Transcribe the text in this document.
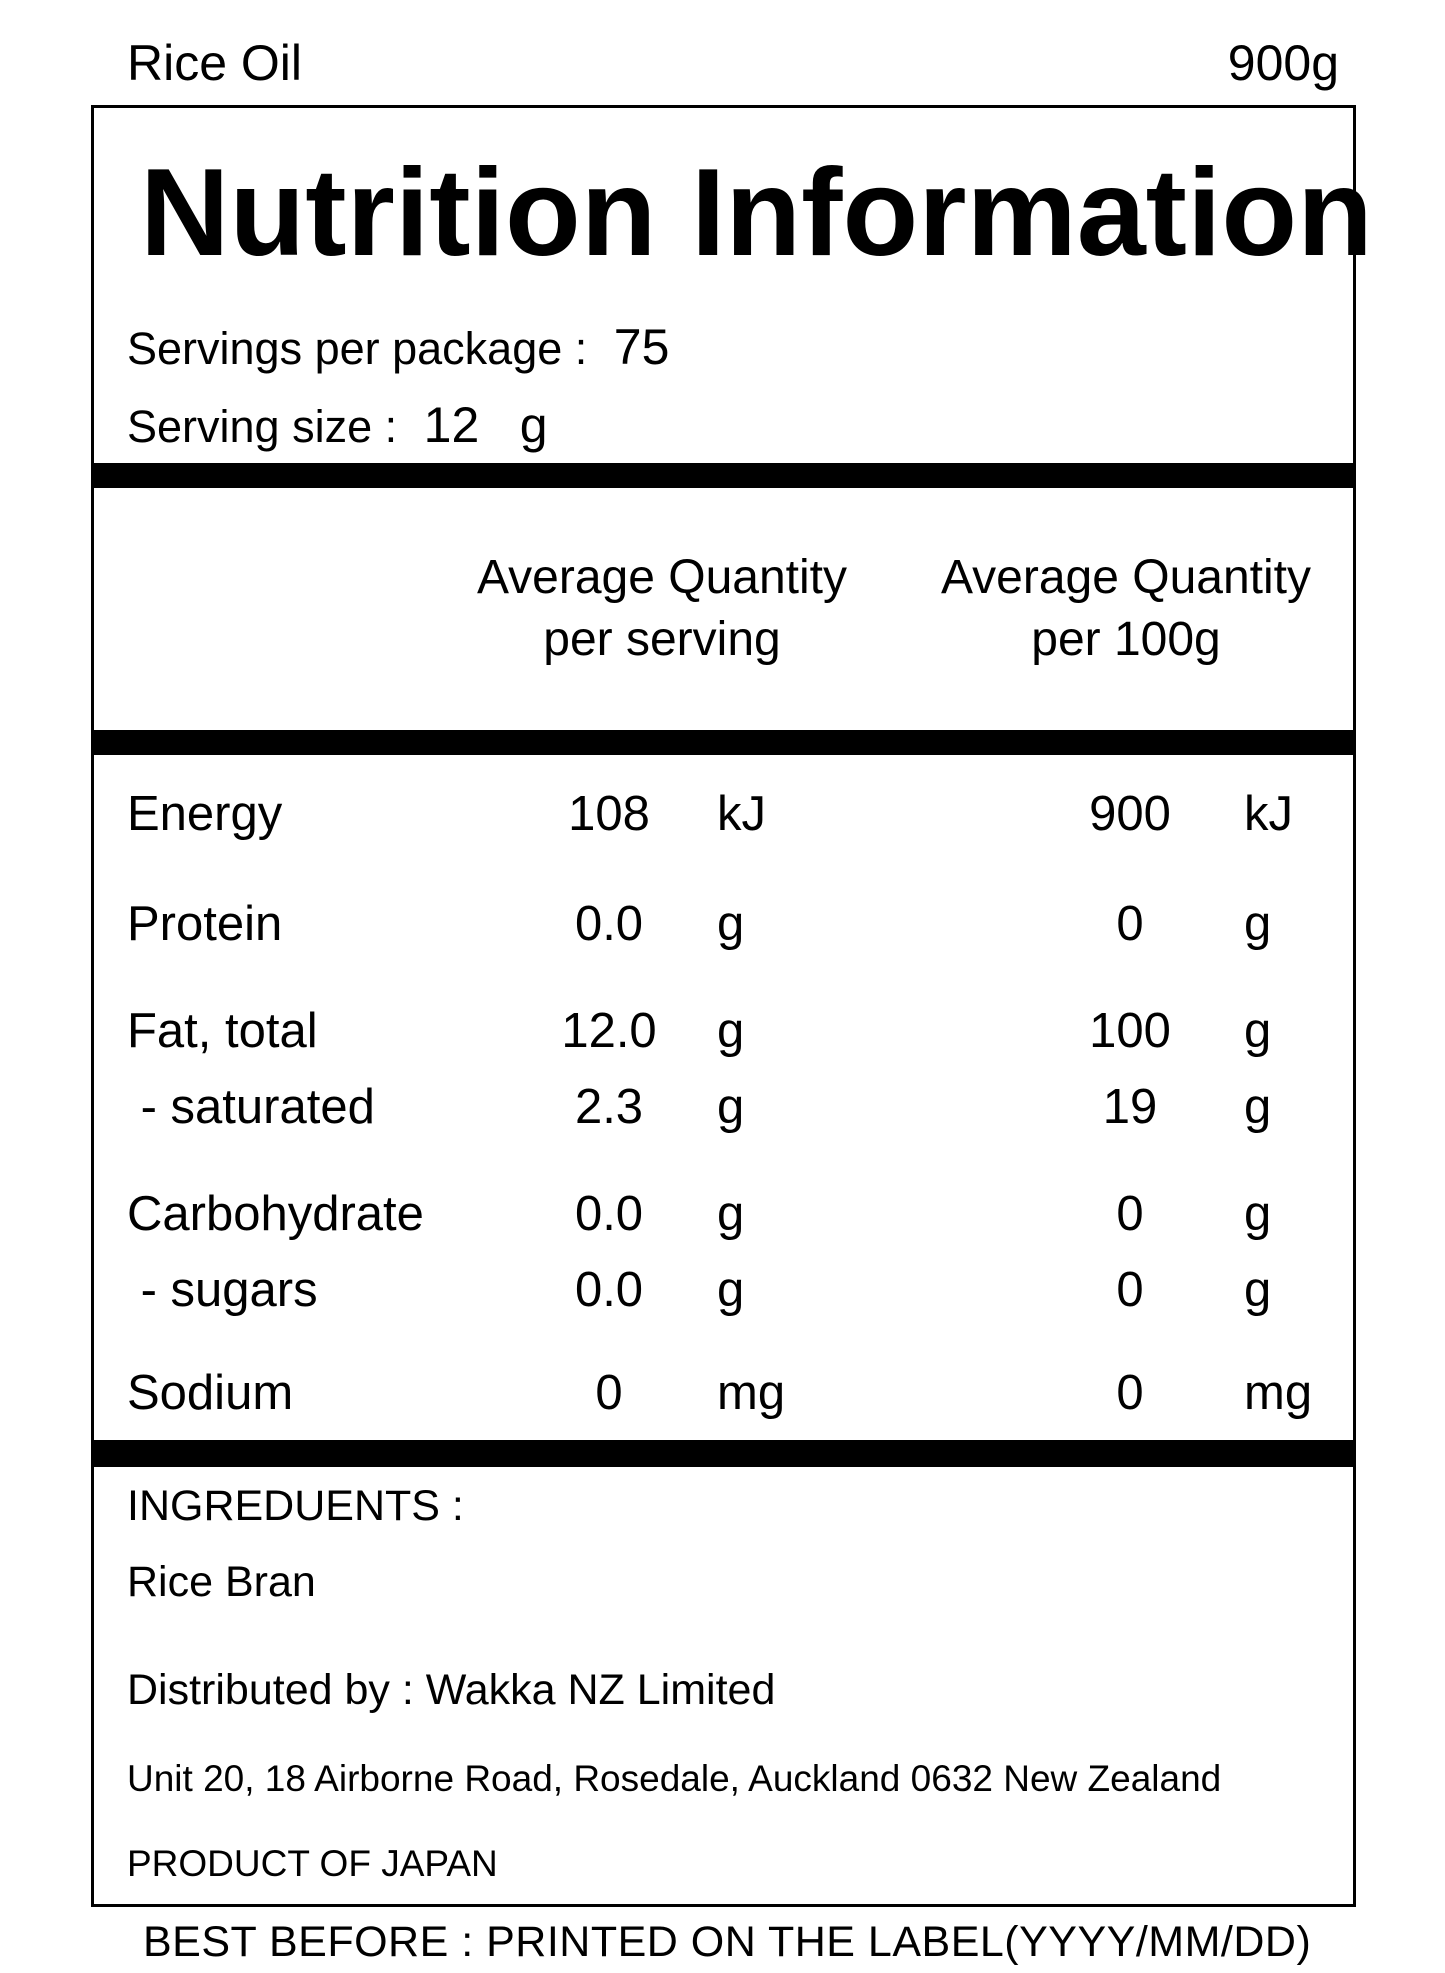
Rice Oil	900g
Nutrition Information
Servings per package : 75
Serving size : 12 g
Average Quantity
per serving
Average Quantity
per 100g
Energy	108	kJ	900	kJ
Protein	0.0	g	0	g
Fat, total	12.0	g	100	g
- saturated	2.3	g	19	g
Carbohydrate	0.0	g	0	g
- sugars	0.0	g	0	g
Sodium	0	mg	0	mg
INGREDUENTS :
Rice Bran
Distributed by : Wakka NZ Limited
Unit 20, 18 Airborne Road, Rosedale, Auckland 0632 New Zealand
PRODUCT OF JAPAN
BEST BEFORE : PRINTED ON THE LABEL(YYYY/MM/DD)
